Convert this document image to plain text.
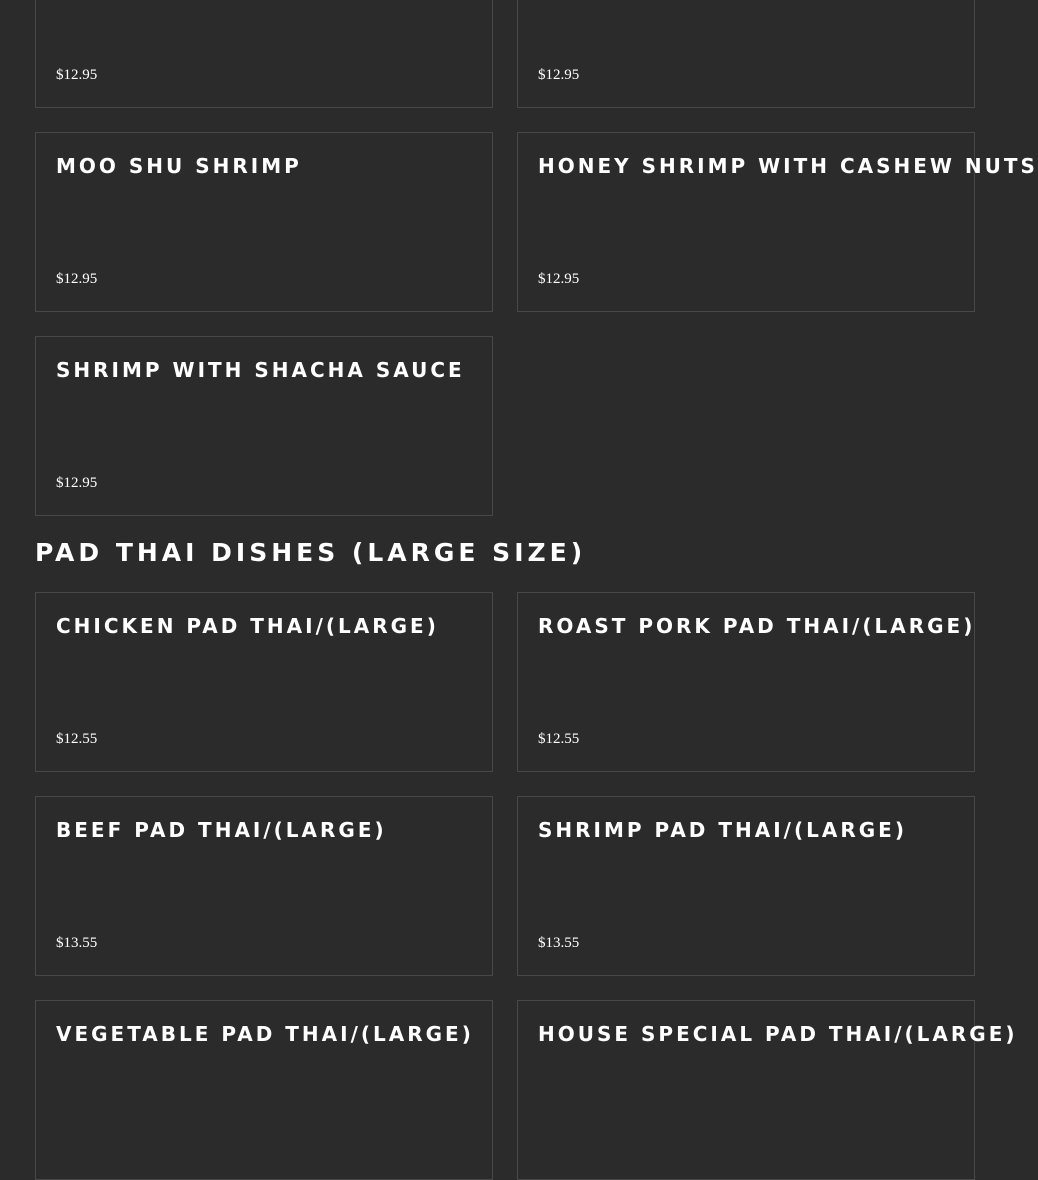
$12.95	$12.95
MOO SHU SHRIMP
$12.95
HONEY SHRIMP WITH CASHEW NUTS
$12.95
SHRIMP WITH SHACHA SAUCE
$12.95
PAD THAI DISHES (LARGE SIZE)
CHICKEN PAD THAI/(LARGE)
$12.55
ROAST PORK PAD THAI/(LARGE)
$12.55
BEEF PAD THAI/(LARGE)
$13.55
SHRIMP PAD THAI/(LARGE)
$13.55
VEGETABLE PAD THAI/(LARGE)	HOUSE SPECIAL PAD THAI/(LARGE)
